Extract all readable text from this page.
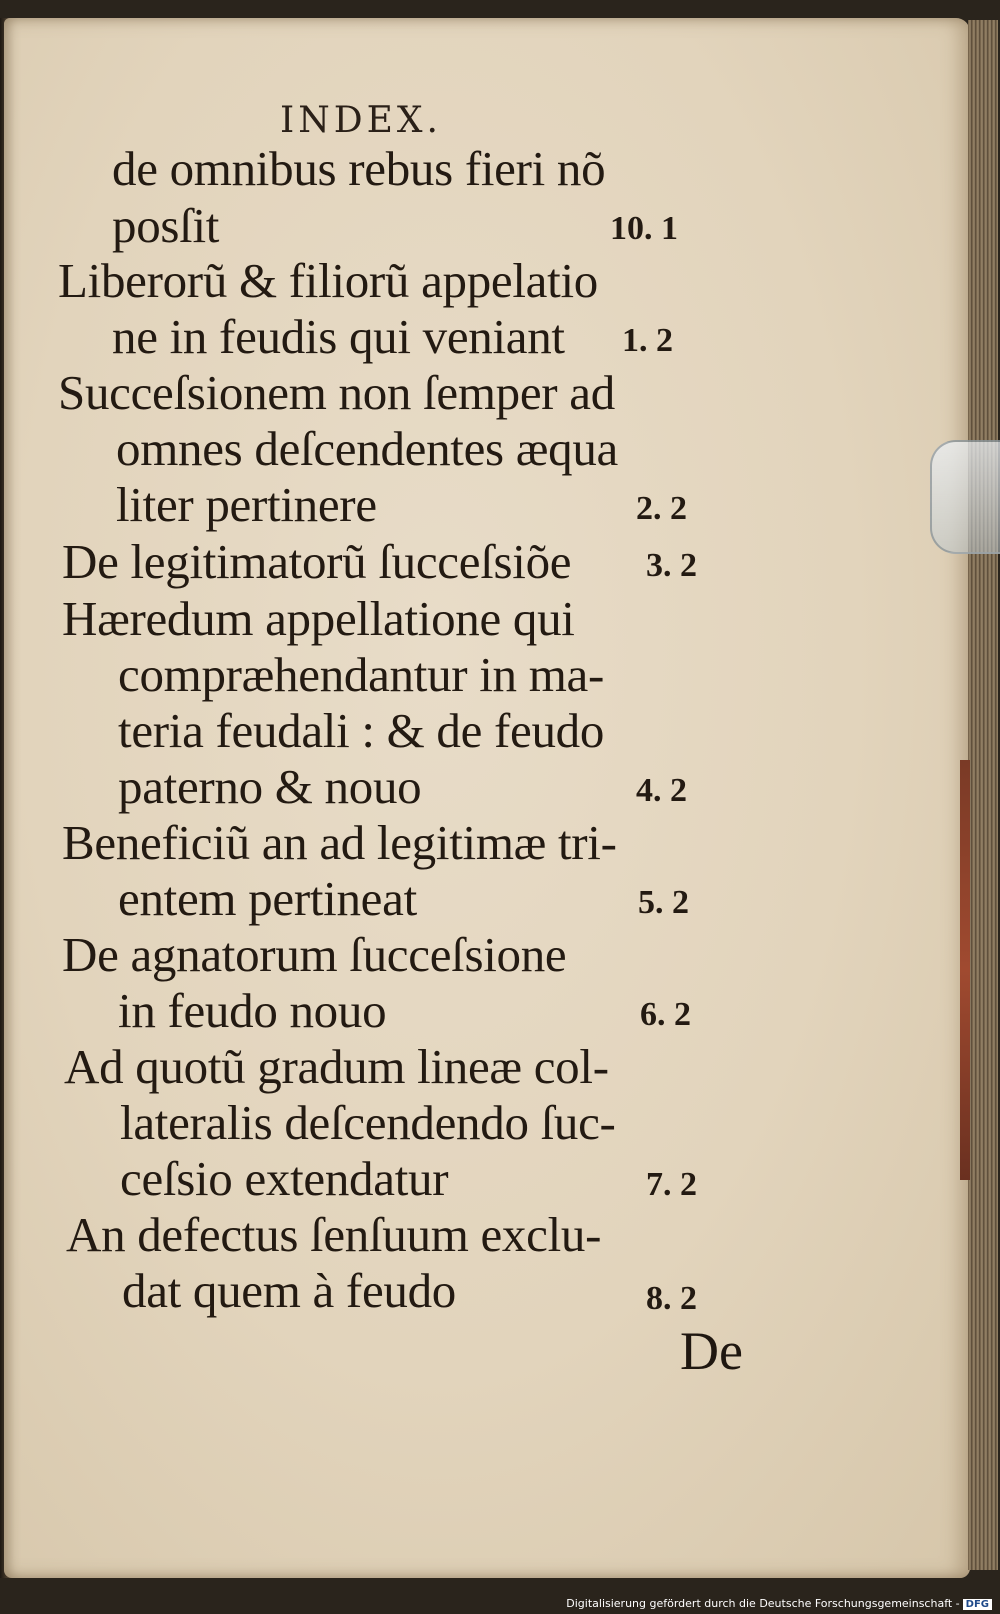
INDEX.
de omnibus rebus fieri nõ
posſit	10. 1
Liberorũ & filiorũ appelatio
ne in feudis qui veniant 1. 2
Succeſsionem non ſemper ad
omnes deſcendentes æqua
liter pertinere	2. 2
De legitimatorũ ſucceſsiõe 3. 2
Hæredum appellatione qui
compræhendantur in ma-
teria feudali : & de feudo
paterno & nouo	4. 2
Beneficiũ an ad legitimæ tri-
entem pertineat	5. 2
De agnatorum ſucceſsione
in feudo nouo	6. 2
Ad quotũ gradum lineæ col-
lateralis deſcendendo ſuc-
ceſsio extendatur	7. 2
An defectus ſenſuum exclu-
dat quem à feudo	8. 2
De
Digitalisierung gefördert durch die Deutsche Forschungsgemeinschaft - DFG
